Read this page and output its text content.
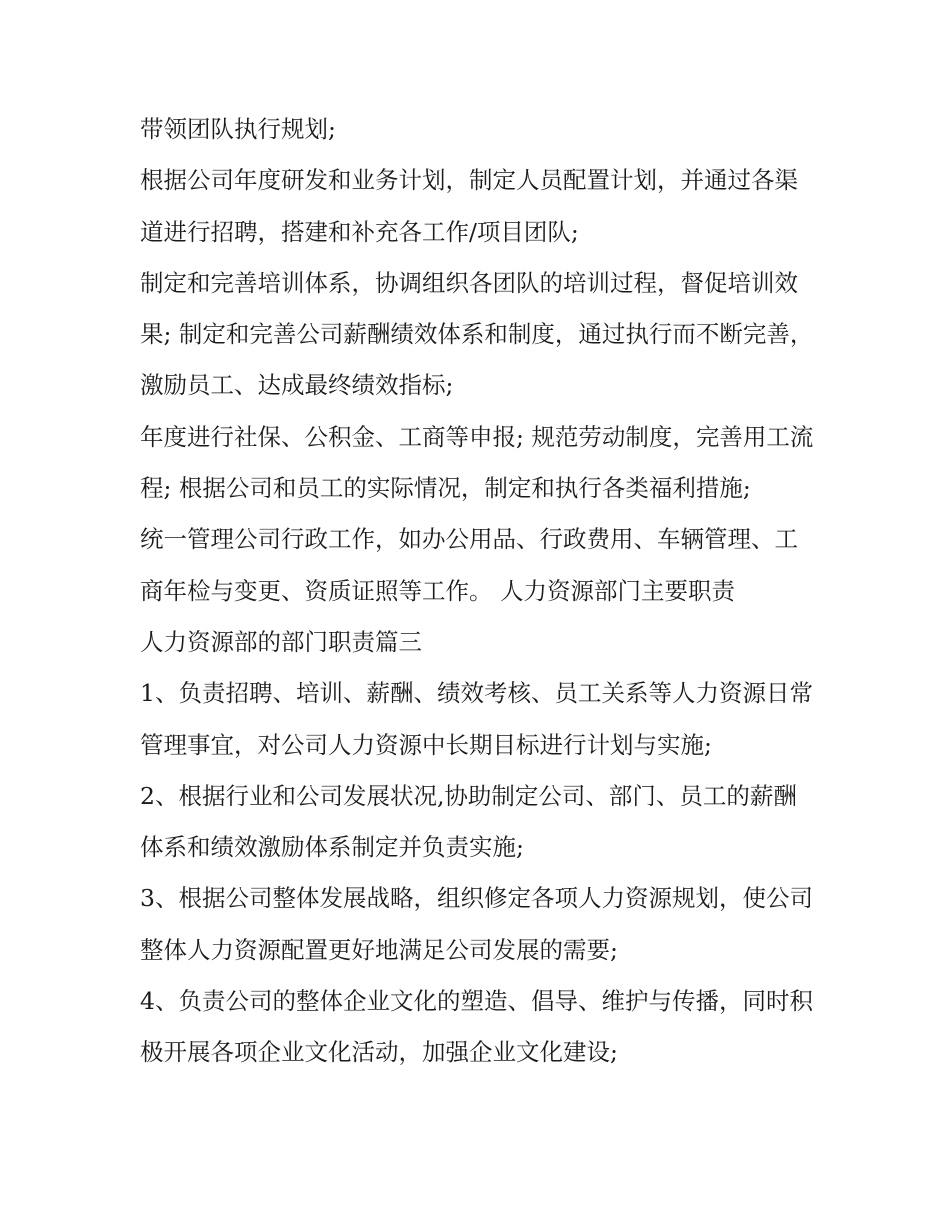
带领团队执行规划;

根据公司年度研发和业务计划，制定人员配置计划，并通过各渠道进行招聘，搭建和补充各工作/项目团队;

制定和完善培训体系，协调组织各团队的培训过程，督促培训效果; 制定和完善公司薪酬绩效体系和制度，通过执行而不断完善，激励员工、达成最终绩效指标;

年度进行社保、公积金、工商等申报; 规范劳动制度，完善用工流程; 根据公司和员工的实际情况，制定和执行各类福利措施;

统一管理公司行政工作，如办公用品、行政费用、车辆管理、工商年检与变更、资质证照等工作。 人力资源部门主要职责

人力资源部的部门职责篇三

1、负责招聘、培训、薪酬、绩效考核、员工关系等人力资源日常管理事宜，对公司人力资源中长期目标进行计划与实施;

2、根据行业和公司发展状况,协助制定公司、部门、员工的薪酬体系和绩效激励体系制定并负责实施;

3、根据公司整体发展战略，组织修定各项人力资源规划，使公司整体人力资源配置更好地满足公司发展的需要;

4、负责公司的整体企业文化的塑造、倡导、维护与传播，同时积极开展各项企业文化活动，加强企业文化建设;
